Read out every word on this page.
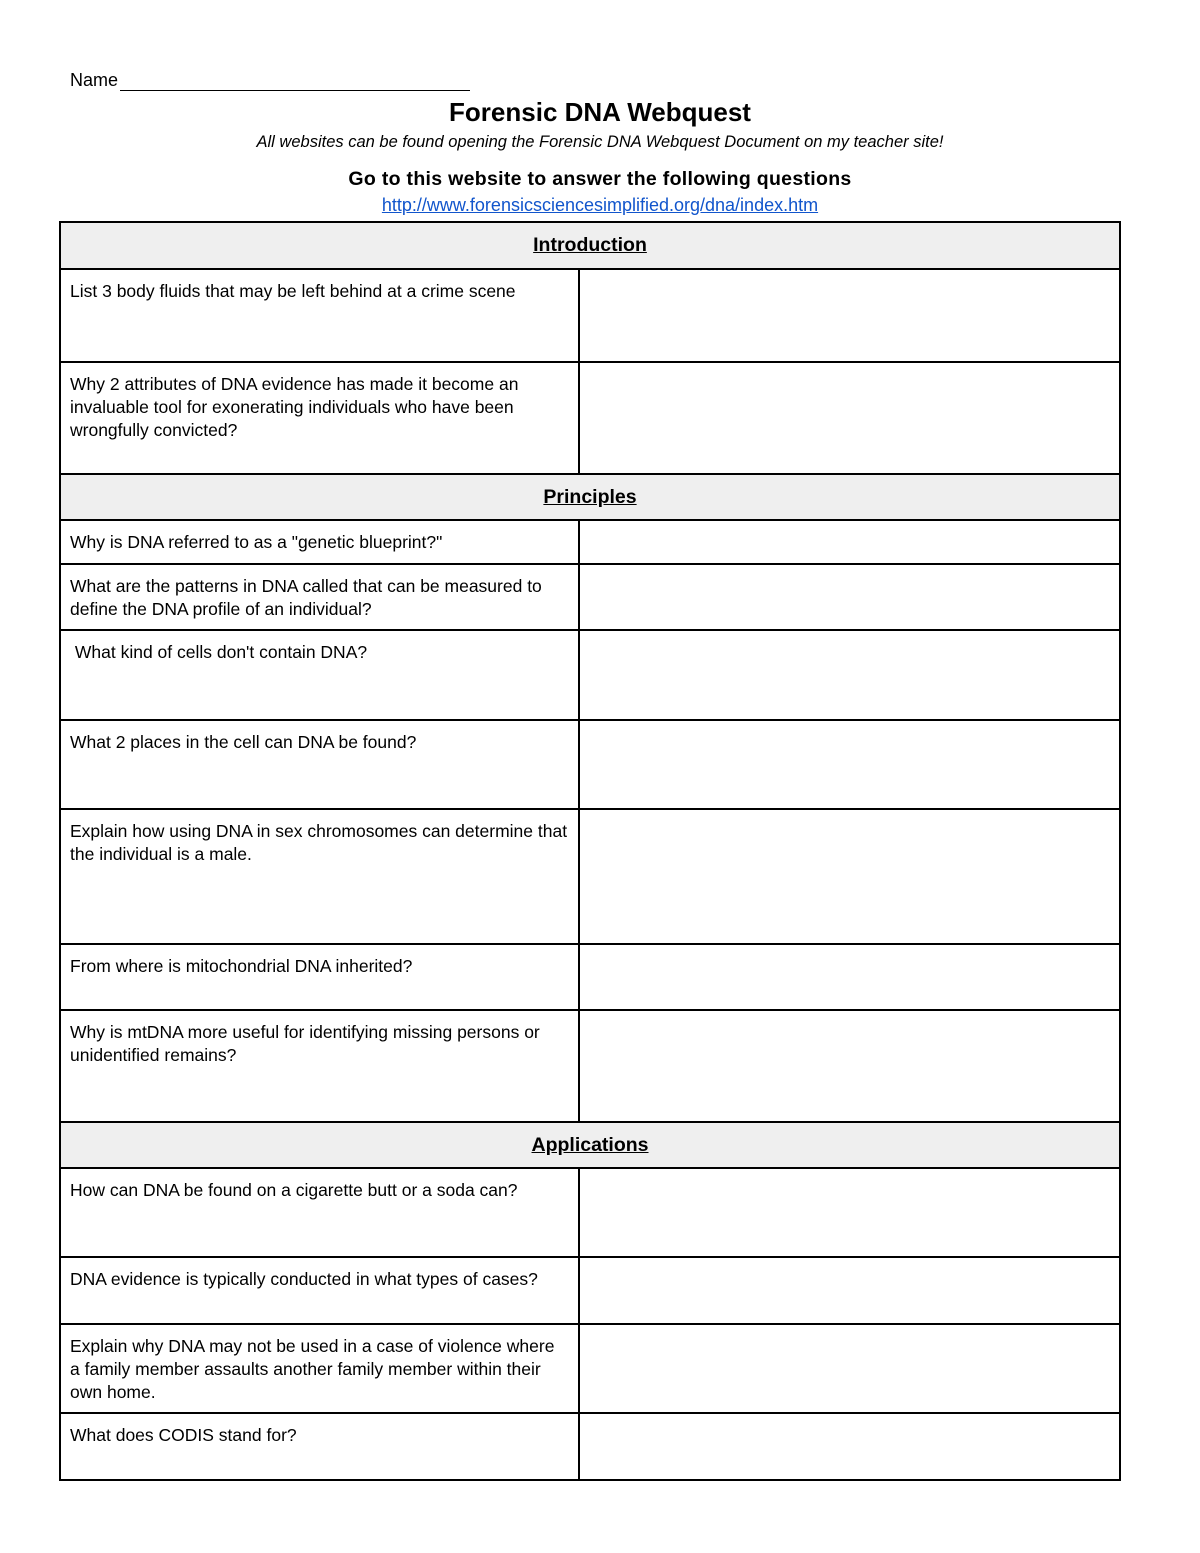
Name
Forensic DNA Webquest
All websites can be found opening the Forensic DNA Webquest Document on my teacher site!
Go to this website to answer the following questions
http://www.forensicsciencesimplified.org/dna/index.htm
Introduction	
List 3 body fluids that may be left behind at a crime scene	
Why 2 attributes of DNA evidence has made it become an invaluable tool for exonerating individuals who have been wrongfully convicted?	
Principles	
Why is DNA referred to as a "genetic blueprint?"	
What are the patterns in DNA called that can be measured to define the DNA profile of an individual?	
What kind of cells don't contain DNA?	
What 2 places in the cell can DNA be found?	
Explain how using DNA in sex chromosomes can determine that the individual is a male.	
From where is mitochondrial DNA inherited?	
Why is mtDNA more useful for identifying missing persons or unidentified remains?	
Applications	
How can DNA be found on a cigarette butt or a soda can?	
DNA evidence is typically conducted in what types of cases?	
Explain why DNA may not be used in a case of violence where a family member assaults another family member within their own home.	
What does CODIS stand for?	
